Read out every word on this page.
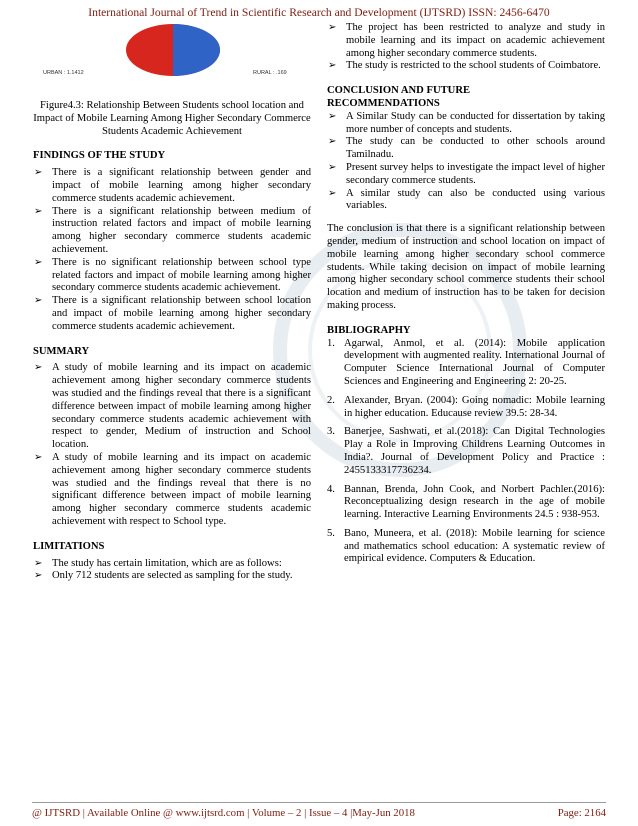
International Journal of Trend in Scientific Research and Development (IJTSRD) ISSN: 2456-6470
URBAN : 1.1412	RURAL : .169

Figure4.3: Relationship Between Students school location and Impact of Mobile Learning Among Higher Secondary Commerce Students Academic Achievement

FINDINGS OF THE STUDY

➢ There is a significant relationship between gender and impact of mobile learning among higher secondary commerce students academic achievement.

➢ There is a significant relationship between medium of instruction related factors and impact of mobile learning among higher secondary commerce students academic achievement.

➢ There is no significant relationship between school type related factors and impact of mobile learning among higher secondary commerce students academic achievement.

➢ There is a significant relationship between school location and impact of mobile learning among higher secondary commerce students academic achievement.

SUMMARY

➢ A study of mobile learning and its impact on academic achievement among higher secondary commerce students was studied and the findings reveal that there is a significant difference between impact of mobile learning among higher secondary commerce students academic achievement with respect to gender, Medium of instruction and School location.

➢ A study of mobile learning and its impact on academic achievement among higher secondary commerce students was studied and the findings reveal that there is no significant difference between impact of mobile learning among higher secondary commerce students academic achievement with respect to School type.

LIMITATIONS

➢ The study has certain limitation, which are as follows:

➢ Only 712 students are selected as sampling for the study.

➢ The project has been restricted to analyze and study in mobile learning and its impact on academic achievement among higher secondary commerce students.

➢ The study is restricted to the school students of Coimbatore.

CONCLUSION AND FUTURE
RECOMMENDATIONS

➢ A Similar Study can be conducted for dissertation by taking more number of concepts and students.

➢ The study can be conducted to other schools around Tamilnadu.

➢ Present survey helps to investigate the impact level of higher secondary commerce students.

➢ A similar study can also be conducted using various variables.

The conclusion is that there is a significant relationship between gender, medium of instruction and school location on impact of mobile learning among higher secondary school commerce students. While taking decision on impact of mobile learning among higher secondary school commerce students their school location and medium of instruction has to be taken for decision making process.

BIBLIOGRAPHY

1. Agarwal, Anmol, et al. (2014): Mobile application development with augmented reality. International Journal of Computer Science International Journal of Computer Sciences and Engineering and Engineering 2: 20-25.
2. Alexander, Bryan. (2004): Going nomadic: Mobile learning in higher education. Educause review 39.5: 28-34.
3. Banerjee, Sashwati, et al.(2018): Can Digital Technologies Play a Role in Improving Childrens Learning Outcomes in India?. Journal of Development Policy and Practice : 2455133317736234.
4. Bannan, Brenda, John Cook, and Norbert Pachler.(2016): Reconceptualizing design research in the age of mobile learning. Interactive Learning Environments 24.5 : 938-953.
5. Bano, Muneera, et al. (2018): Mobile learning for science and mathematics school education: A systematic review of empirical evidence. Computers & Education.
@ IJTSRD | Available Online @ www.ijtsrd.com | Volume – 2 | Issue – 4 |May-Jun 2018	Page: 2164
